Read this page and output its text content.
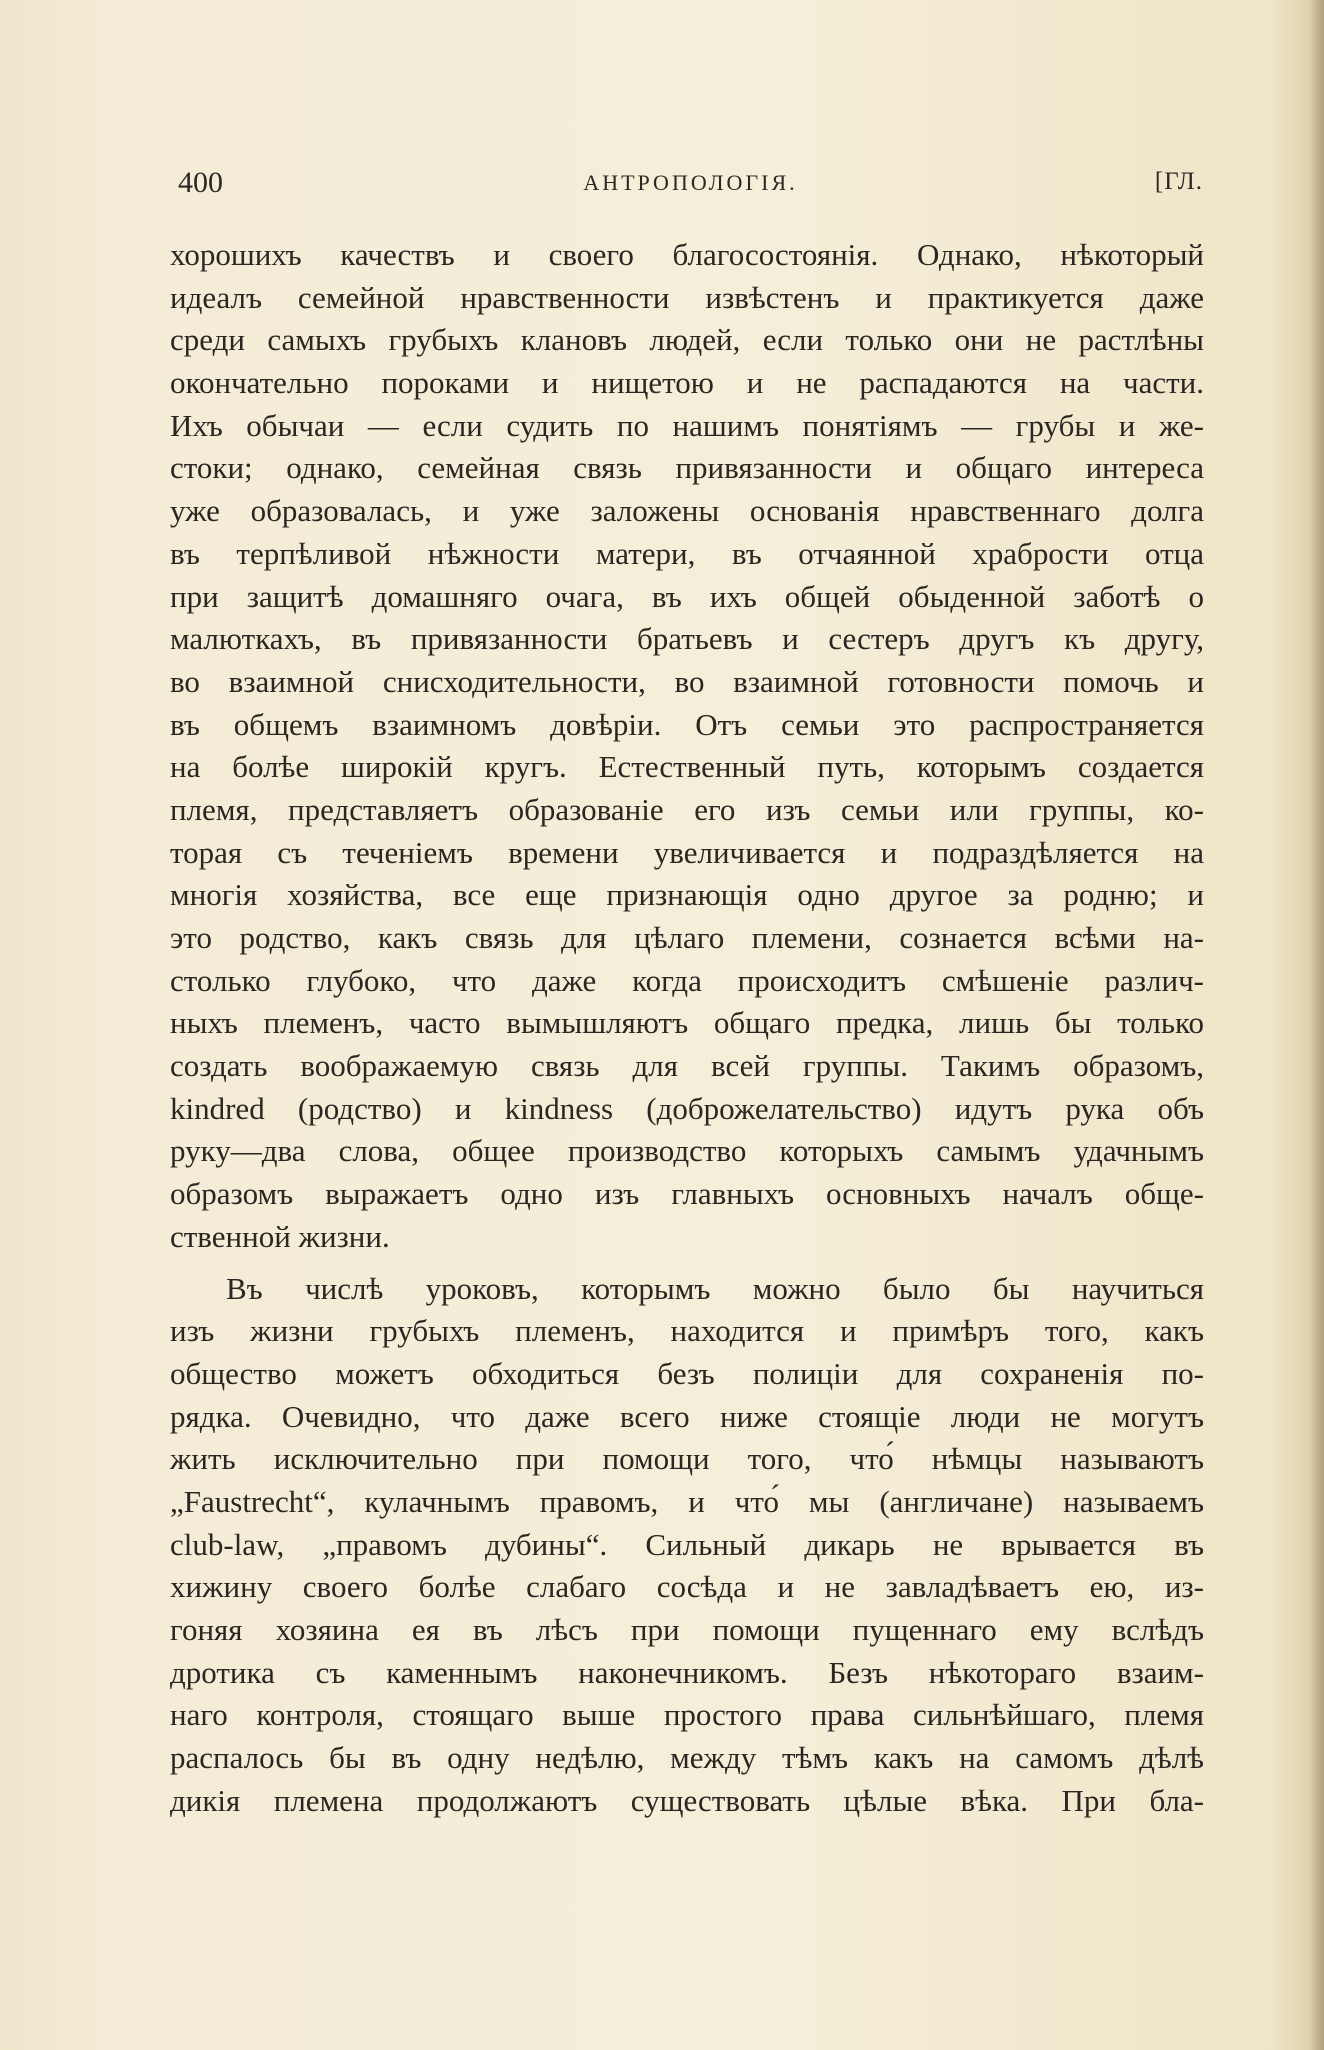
400	АНТРОПОЛОГІЯ.	[ГЛ.
хорошихъ качествъ и своего благосостоянія. Однако, нѣкоторый
идеалъ семейной нравственности извѣстенъ и практикуется даже
среди самыхъ грубыхъ клановъ людей, если только они не растлѣны
окончательно пороками и нищетою и не распадаются на части.
Ихъ обычаи — если судить по нашимъ понятіямъ — грубы и же-
стоки; однако, семейная связь привязанности и общаго интереса
уже образовалась, и уже заложены основанія нравственнаго долга
въ терпѣливой нѣжности матери, въ отчаянной храбрости отца
при защитѣ домашняго очага, въ ихъ общей обыденной заботѣ о
малюткахъ, въ привязанности братьевъ и сестеръ другъ къ другу,
во взаимной снисходительности, во взаимной готовности помочь и
въ общемъ взаимномъ довѣріи. Отъ семьи это распространяется
на болѣе широкій кругъ. Естественный путь, которымъ создается
племя, представляетъ образованіе его изъ семьи или группы, ко-
торая съ теченіемъ времени увеличивается и подраздѣляется на
многія хозяйства, все еще признающія одно другое за родню; и
это родство, какъ связь для цѣлаго племени, сознается всѣми на-
столько глубоко, что даже когда происходитъ смѣшеніе различ-
ныхъ племенъ, часто вымышляютъ общаго предка, лишь бы только
создать воображаемую связь для всей группы. Такимъ образомъ,
kindred (родство) и kindness (доброжелательство) идутъ рука объ
руку—два слова, общее производство которыхъ самымъ удачнымъ
образомъ выражаетъ одно изъ главныхъ основныхъ началъ обще-
ственной жизни.
Въ числѣ уроковъ, которымъ можно было бы научиться
изъ жизни грубыхъ племенъ, находится и примѣръ того, какъ
общество можетъ обходиться безъ полиціи для сохраненія по-
рядка. Очевидно, что даже всего ниже стоящіе люди не могутъ
жить исключительно при помощи того, что́ нѣмцы называютъ
„Faustrecht“, кулачнымъ правомъ, и что́ мы (англичане) называемъ
club-law, „правомъ дубины“. Сильный дикарь не врывается въ
хижину своего болѣе слабаго сосѣда и не завладѣваетъ ею, из-
гоняя хозяина ея въ лѣсъ при помощи пущеннаго ему вслѣдъ
дротика съ каменнымъ наконечникомъ. Безъ нѣкотораго взаим-
наго контроля, стоящаго выше простого права сильнѣйшаго, племя
распалось бы въ одну недѣлю, между тѣмъ какъ на самомъ дѣлѣ
дикія племена продолжаютъ существовать цѣлые вѣка. При бла-
